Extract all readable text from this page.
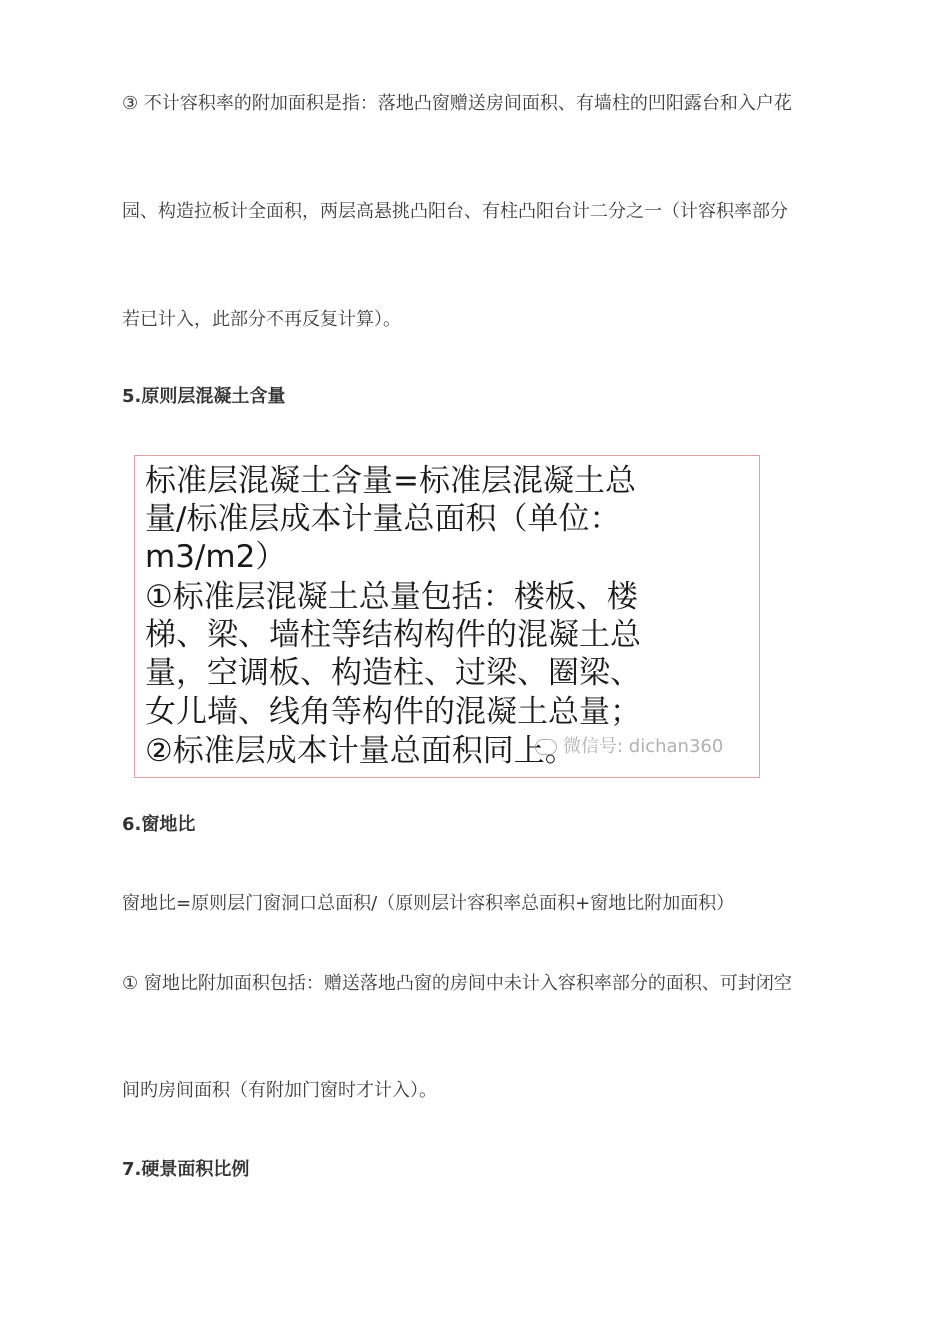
③ 不计容积率的附加面积是指：落地凸窗赠送房间面积、有墙柱的凹阳露台和入户花
园、构造拉板计全面积，两层高悬挑凸阳台、有柱凸阳台计二分之一（计容积率部分
若已计入，此部分不再反复计算）。
5.原则层混凝土含量
标准层混凝土含量=标准层混凝土总
量/标准层成本计量总面积（单位：
m3/m2）
①标准层混凝土总量包括：楼板、楼
梯、梁、墙柱等结构构件的混凝土总
量，空调板、构造柱、过梁、圈梁、
女儿墙、线角等构件的混凝土总量；
②标准层成本计量总面积同上。
微信号: dichan360
6.窗地比
窗地比=原则层门窗洞口总面积/（原则层计容积率总面积+窗地比附加面积）
① 窗地比附加面积包括：赠送落地凸窗的房间中未计入容积率部分的面积、可封闭空
间旳房间面积（有附加门窗时才计入）。
7.硬景面积比例
